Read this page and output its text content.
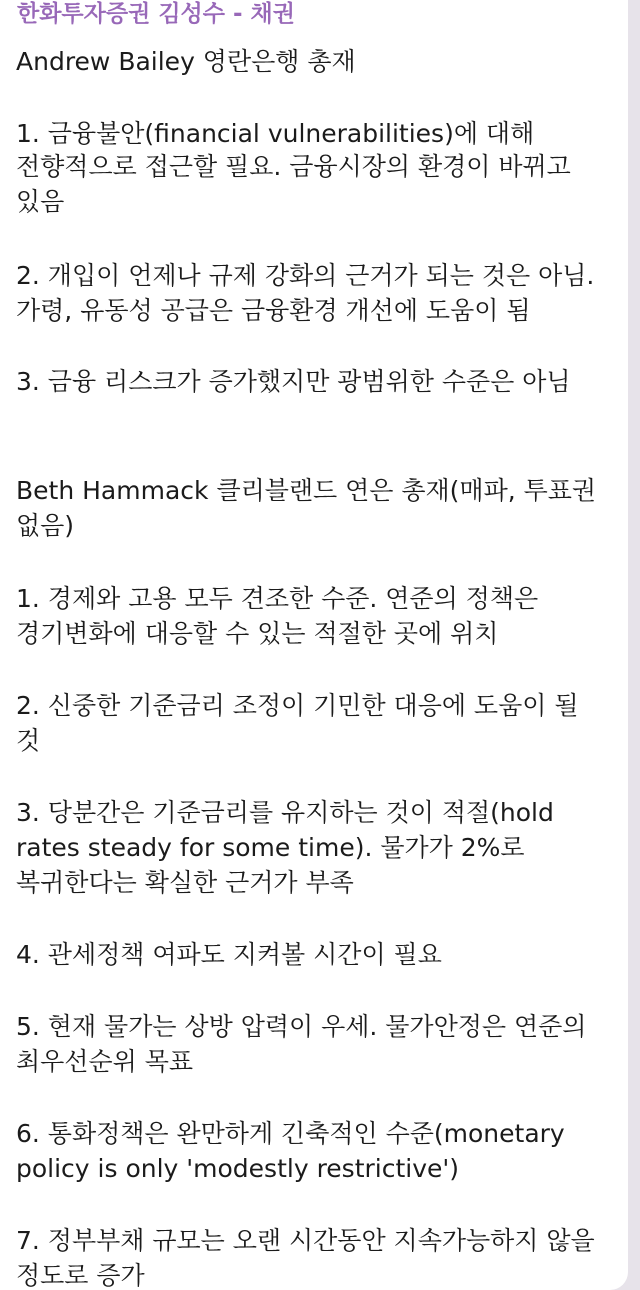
한화투자증권 김성수 - 채권
Andrew Bailey 영란은행 총재
1. 금융불안(financial vulnerabilities)에 대해
전향적으로 접근할 필요. 금융시장의 환경이 바뀌고
있음
2. 개입이 언제나 규제 강화의 근거가 되는 것은 아님.
가령, 유동성 공급은 금융환경 개선에 도움이 됨
3. 금융 리스크가 증가했지만 광범위한 수준은 아님
Beth Hammack 클리블랜드 연은 총재(매파, 투표권
없음)
1. 경제와 고용 모두 견조한 수준. 연준의 정책은
경기변화에 대응할 수 있는 적절한 곳에 위치
2. 신중한 기준금리 조정이 기민한 대응에 도움이 될
것
3. 당분간은 기준금리를 유지하는 것이 적절(hold
rates steady for some time). 물가가 2%로
복귀한다는 확실한 근거가 부족
4. 관세정책 여파도 지켜볼 시간이 필요
5. 현재 물가는 상방 압력이 우세. 물가안정은 연준의
최우선순위 목표
6. 통화정책은 완만하게 긴축적인 수준(monetary
policy is only 'modestly restrictive')
7. 정부부채 규모는 오랜 시간동안 지속가능하지 않을
정도로 증가
